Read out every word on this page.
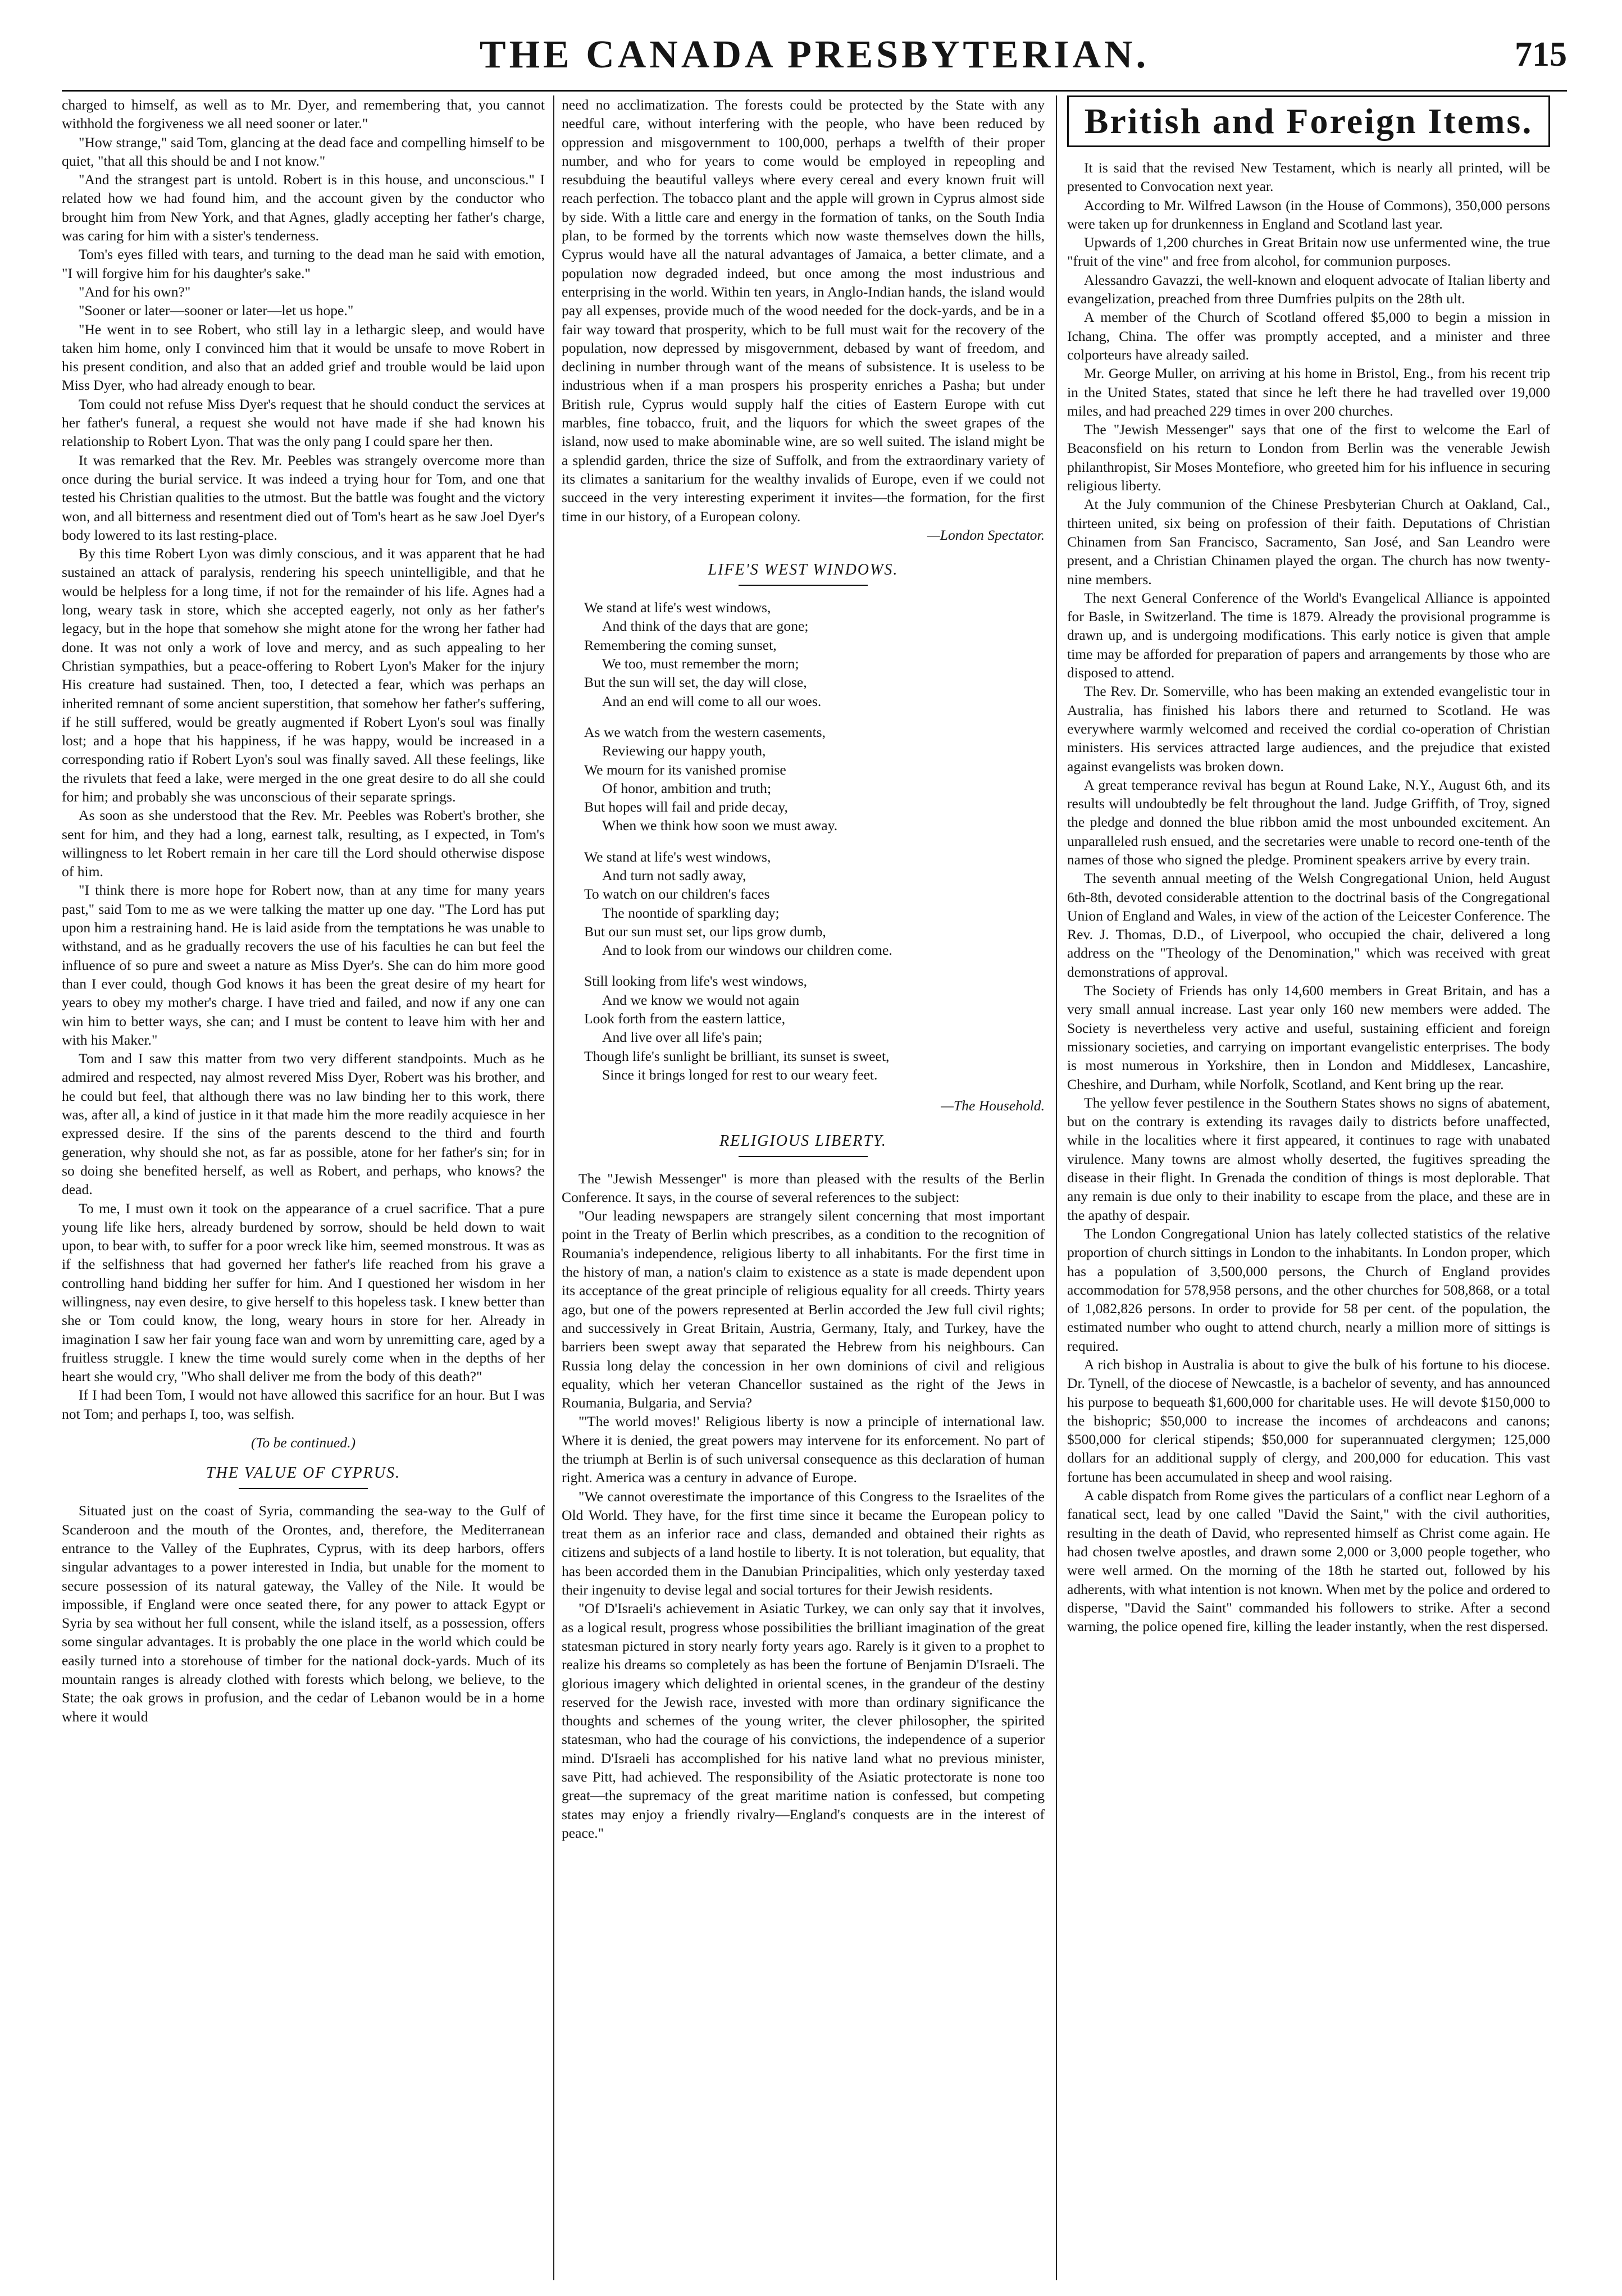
THE CANADA PRESBYTERIAN.	715

charged to himself, as well as to Mr. Dyer, and remembering that, you cannot withhold the forgiveness we all need sooner or later."

"How strange," said Tom, glancing at the dead face and compelling himself to be quiet, "that all this should be and I not know."

"And the strangest part is untold. Robert is in this house, and unconscious." I related how we had found him, and the account given by the conductor who brought him from New York, and that Agnes, gladly accepting her father's charge, was caring for him with a sister's tenderness.

Tom's eyes filled with tears, and turning to the dead man he said with emotion, "I will forgive him for his daughter's sake."

"And for his own?"

"Sooner or later—sooner or later—let us hope."

"He went in to see Robert, who still lay in a lethargic sleep, and would have taken him home, only I convinced him that it would be unsafe to move Robert in his present condition, and also that an added grief and trouble would be laid upon Miss Dyer, who had already enough to bear.

Tom could not refuse Miss Dyer's request that he should conduct the services at her father's funeral, a request she would not have made if she had known his relationship to Robert Lyon. That was the only pang I could spare her then.

It was remarked that the Rev. Mr. Peebles was strangely overcome more than once during the burial service. It was indeed a trying hour for Tom, and one that tested his Christian qualities to the utmost. But the battle was fought and the victory won, and all bitterness and resentment died out of Tom's heart as he saw Joel Dyer's body lowered to its last resting-place.

By this time Robert Lyon was dimly conscious, and it was apparent that he had sustained an attack of paralysis, rendering his speech unintelligible, and that he would be helpless for a long time, if not for the remainder of his life. Agnes had a long, weary task in store, which she accepted eagerly, not only as her father's legacy, but in the hope that somehow she might atone for the wrong her father had done. It was not only a work of love and mercy, and as such appealing to her Christian sympathies, but a peace-offering to Robert Lyon's Maker for the injury His creature had sustained. Then, too, I detected a fear, which was perhaps an inherited remnant of some ancient superstition, that somehow her father's suffering, if he still suffered, would be greatly augmented if Robert Lyon's soul was finally lost; and a hope that his happiness, if he was happy, would be increased in a corresponding ratio if Robert Lyon's soul was finally saved. All these feelings, like the rivulets that feed a lake, were merged in the one great desire to do all she could for him; and probably she was unconscious of their separate springs.

As soon as she understood that the Rev. Mr. Peebles was Robert's brother, she sent for him, and they had a long, earnest talk, resulting, as I expected, in Tom's willingness to let Robert remain in her care till the Lord should otherwise dispose of him.

"I think there is more hope for Robert now, than at any time for many years past," said Tom to me as we were talking the matter up one day. "The Lord has put upon him a restraining hand. He is laid aside from the temptations he was unable to withstand, and as he gradually recovers the use of his faculties he can but feel the influence of so pure and sweet a nature as Miss Dyer's. She can do him more good than I ever could, though God knows it has been the great desire of my heart for years to obey my mother's charge. I have tried and failed, and now if any one can win him to better ways, she can; and I must be content to leave him with her and with his Maker."

Tom and I saw this matter from two very different standpoints. Much as he admired and respected, nay almost revered Miss Dyer, Robert was his brother, and he could but feel, that although there was no law binding her to this work, there was, after all, a kind of justice in it that made him the more readily acquiesce in her expressed desire. If the sins of the parents descend to the third and fourth generation, why should she not, as far as possible, atone for her father's sin; for in so doing she benefited herself, as well as Robert, and perhaps, who knows? the dead.

To me, I must own it took on the appearance of a cruel sacrifice. That a pure young life like hers, already burdened by sorrow, should be held down to wait upon, to bear with, to suffer for a poor wreck like him, seemed monstrous. It was as if the selfishness that had governed her father's life reached from his grave a controlling hand bidding her suffer for him. And I questioned her wisdom in her willingness, nay even desire, to give herself to this hopeless task. I knew better than she or Tom could know, the long, weary hours in store for her. Already in imagination I saw her fair young face wan and worn by unremitting care, aged by a fruitless struggle. I knew the time would surely come when in the depths of her heart she would cry, "Who shall deliver me from the body of this death?"

If I had been Tom, I would not have allowed this sacrifice for an hour. But I was not Tom; and perhaps I, too, was selfish.

(To be continued.)

THE VALUE OF CYPRUS.

Situated just on the coast of Syria, commanding the sea-way to the Gulf of Scanderoon and the mouth of the Orontes, and, therefore, the Mediterranean entrance to the Valley of the Euphrates, Cyprus, with its deep harbors, offers singular advantages to a power interested in India, but unable for the moment to secure possession of its natural gateway, the Valley of the Nile. It would be impossible, if England were once seated there, for any power to attack Egypt or Syria by sea without her full consent, while the island itself, as a possession, offers some singular advantages. It is probably the one place in the world which could be easily turned into a storehouse of timber for the national dock-yards. Much of its mountain ranges is already clothed with forests which belong, we believe, to the State; the oak grows in profusion, and the cedar of Lebanon would be in a home where it would

need no acclimatization. The forests could be protected by the State with any needful care, without interfering with the people, who have been reduced by oppression and misgovernment to 100,000, perhaps a twelfth of their proper number, and who for years to come would be employed in repeopling and resubduing the beautiful valleys where every cereal and every known fruit will reach perfection. The tobacco plant and the apple will grown in Cyprus almost side by side. With a little care and energy in the formation of tanks, on the South India plan, to be formed by the torrents which now waste themselves down the hills, Cyprus would have all the natural advantages of Jamaica, a better climate, and a population now degraded indeed, but once among the most industrious and enterprising in the world. Within ten years, in Anglo-Indian hands, the island would pay all expenses, provide much of the wood needed for the dock-yards, and be in a fair way toward that prosperity, which to be full must wait for the recovery of the population, now depressed by misgovernment, debased by want of freedom, and declining in number through want of the means of subsistence. It is useless to be industrious when if a man prospers his prosperity enriches a Pasha; but under British rule, Cyprus would supply half the cities of Eastern Europe with cut marbles, fine tobacco, fruit, and the liquors for which the sweet grapes of the island, now used to make abominable wine, are so well suited. The island might be a splendid garden, thrice the size of Suffolk, and from the extraordinary variety of its climates a sanitarium for the wealthy invalids of Europe, even if we could not succeed in the very interesting experiment it invites—the formation, for the first time in our history, of a European colony.

—London Spectator.

LIFE'S WEST WINDOWS.
We stand at life's west windows,
And think of the days that are gone;
Remembering the coming sunset,
We too, must remember the morn;
But the sun will set, the day will close,
And an end will come to all our woes.
As we watch from the western casements,
Reviewing our happy youth,
We mourn for its vanished promise
Of honor, ambition and truth;
But hopes will fail and pride decay,
When we think how soon we must away.
We stand at life's west windows,
And turn not sadly away,
To watch on our children's faces
The noontide of sparkling day;
But our sun must set, our lips grow dumb,
And to look from our windows our children come.
Still looking from life's west windows,
And we know we would not again
Look forth from the eastern lattice,
And live over all life's pain;
Though life's sunlight be brilliant, its sunset is sweet,
Since it brings longed for rest to our weary feet.

—The Household.

RELIGIOUS LIBERTY.

The "Jewish Messenger" is more than pleased with the results of the Berlin Conference. It says, in the course of several references to the subject:

"Our leading newspapers are strangely silent concerning that most important point in the Treaty of Berlin which prescribes, as a condition to the recognition of Roumania's independence, religious liberty to all inhabitants. For the first time in the history of man, a nation's claim to existence as a state is made dependent upon its acceptance of the great principle of religious equality for all creeds. Thirty years ago, but one of the powers represented at Berlin accorded the Jew full civil rights; and successively in Great Britain, Austria, Germany, Italy, and Turkey, have the barriers been swept away that separated the Hebrew from his neighbours. Can Russia long delay the concession in her own dominions of civil and religious equality, which her veteran Chancellor sustained as the right of the Jews in Roumania, Bulgaria, and Servia?

"'The world moves!' Religious liberty is now a principle of international law. Where it is denied, the great powers may intervene for its enforcement. No part of the triumph at Berlin is of such universal consequence as this declaration of human right. America was a century in advance of Europe.

"We cannot overestimate the importance of this Congress to the Israelites of the Old World. They have, for the first time since it became the European policy to treat them as an inferior race and class, demanded and obtained their rights as citizens and subjects of a land hostile to liberty. It is not toleration, but equality, that has been accorded them in the Danubian Principalities, which only yesterday taxed their ingenuity to devise legal and social tortures for their Jewish residents.

"Of D'Israeli's achievement in Asiatic Turkey, we can only say that it involves, as a logical result, progress whose possibilities the brilliant imagination of the great statesman pictured in story nearly forty years ago. Rarely is it given to a prophet to realize his dreams so completely as has been the fortune of Benjamin D'Israeli. The glorious imagery which delighted in oriental scenes, in the grandeur of the destiny reserved for the Jewish race, invested with more than ordinary significance the thoughts and schemes of the young writer, the clever philosopher, the spirited statesman, who had the courage of his convictions, the independence of a superior mind. D'Israeli has accomplished for his native land what no previous minister, save Pitt, had achieved. The responsibility of the Asiatic protectorate is none too great—the supremacy of the great maritime nation is confessed, but competing states may enjoy a friendly rivalry—England's conquests are in the interest of peace."

British and Foreign Items.

It is said that the revised New Testament, which is nearly all printed, will be presented to Convocation next year.

According to Mr. Wilfred Lawson (in the House of Commons), 350,000 persons were taken up for drunkenness in England and Scotland last year.

Upwards of 1,200 churches in Great Britain now use unfermented wine, the true "fruit of the vine" and free from alcohol, for communion purposes.

Alessandro Gavazzi, the well-known and eloquent advocate of Italian liberty and evangelization, preached from three Dumfries pulpits on the 28th ult.

A member of the Church of Scotland offered $5,000 to begin a mission in Ichang, China. The offer was promptly accepted, and a minister and three colporteurs have already sailed.

Mr. George Muller, on arriving at his home in Bristol, Eng., from his recent trip in the United States, stated that since he left there he had travelled over 19,000 miles, and had preached 229 times in over 200 churches.

The "Jewish Messenger" says that one of the first to welcome the Earl of Beaconsfield on his return to London from Berlin was the venerable Jewish philanthropist, Sir Moses Montefiore, who greeted him for his influence in securing religious liberty.

At the July communion of the Chinese Presbyterian Church at Oakland, Cal., thirteen united, six being on profession of their faith. Deputations of Christian Chinamen from San Francisco, Sacramento, San José, and San Leandro were present, and a Christian Chinamen played the organ. The church has now twenty-nine members.

The next General Conference of the World's Evangelical Alliance is appointed for Basle, in Switzerland. The time is 1879. Already the provisional programme is drawn up, and is undergoing modifications. This early notice is given that ample time may be afforded for preparation of papers and arrangements by those who are disposed to attend.

The Rev. Dr. Somerville, who has been making an extended evangelistic tour in Australia, has finished his labors there and returned to Scotland. He was everywhere warmly welcomed and received the cordial co-operation of Christian ministers. His services attracted large audiences, and the prejudice that existed against evangelists was broken down.

A great temperance revival has begun at Round Lake, N.Y., August 6th, and its results will undoubtedly be felt throughout the land. Judge Griffith, of Troy, signed the pledge and donned the blue ribbon amid the most unbounded excitement. An unparalleled rush ensued, and the secretaries were unable to record one-tenth of the names of those who signed the pledge. Prominent speakers arrive by every train.

The seventh annual meeting of the Welsh Congregational Union, held August 6th-8th, devoted considerable attention to the doctrinal basis of the Congregational Union of England and Wales, in view of the action of the Leicester Conference. The Rev. J. Thomas, D.D., of Liverpool, who occupied the chair, delivered a long address on the "Theology of the Denomination," which was received with great demonstrations of approval.

The Society of Friends has only 14,600 members in Great Britain, and has a very small annual increase. Last year only 160 new members were added. The Society is nevertheless very active and useful, sustaining efficient and foreign missionary societies, and carrying on important evangelistic enterprises. The body is most numerous in Yorkshire, then in London and Middlesex, Lancashire, Cheshire, and Durham, while Norfolk, Scotland, and Kent bring up the rear.

The yellow fever pestilence in the Southern States shows no signs of abatement, but on the contrary is extending its ravages daily to districts before unaffected, while in the localities where it first appeared, it continues to rage with unabated virulence. Many towns are almost wholly deserted, the fugitives spreading the disease in their flight. In Grenada the condition of things is most deplorable. That any remain is due only to their inability to escape from the place, and these are in the apathy of despair.

The London Congregational Union has lately collected statistics of the relative proportion of church sittings in London to the inhabitants. In London proper, which has a population of 3,500,000 persons, the Church of England provides accommodation for 578,958 persons, and the other churches for 508,868, or a total of 1,082,826 persons. In order to provide for 58 per cent. of the population, the estimated number who ought to attend church, nearly a million more of sittings is required.

A rich bishop in Australia is about to give the bulk of his fortune to his diocese. Dr. Tynell, of the diocese of Newcastle, is a bachelor of seventy, and has announced his purpose to bequeath $1,600,000 for charitable uses. He will devote $150,000 to the bishopric; $50,000 to increase the incomes of archdeacons and canons; $500,000 for clerical stipends; $50,000 for superannuated clergymen; 125,000 dollars for an additional supply of clergy, and 200,000 for education. This vast fortune has been accumulated in sheep and wool raising.

A cable dispatch from Rome gives the particulars of a conflict near Leghorn of a fanatical sect, lead by one called "David the Saint," with the civil authorities, resulting in the death of David, who represented himself as Christ come again. He had chosen twelve apostles, and drawn some 2,000 or 3,000 people together, who were well armed. On the morning of the 18th he started out, followed by his adherents, with what intention is not known. When met by the police and ordered to disperse, "David the Saint" commanded his followers to strike. After a second warning, the police opened fire, killing the leader instantly, when the rest dispersed.
